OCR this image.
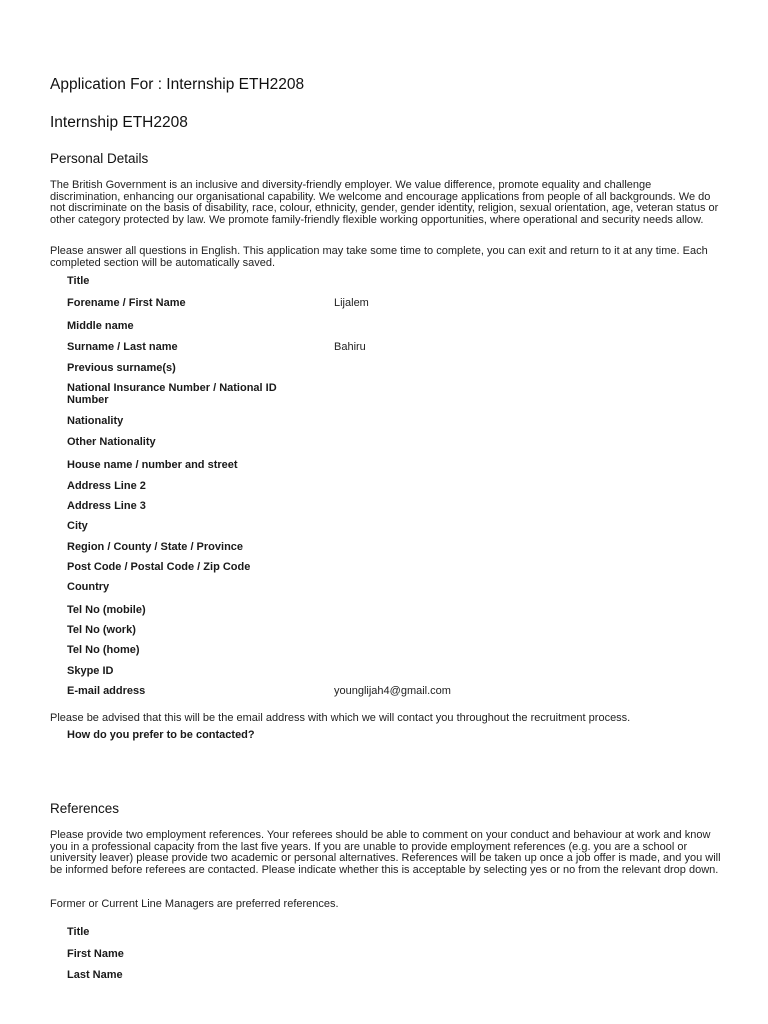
Application For : Internship ETH2208
Internship ETH2208
Personal Details

The British Government is an inclusive and diversity-friendly employer. We value difference, promote equality and challenge discrimination, enhancing our organisational capability. We welcome and encourage applications from people of all backgrounds. We do not discriminate on the basis of disability, race, colour, ethnicity, gender, gender identity, religion, sexual orientation, age, veteran status or other category protected by law. We promote family-friendly flexible working opportunities, where operational and security needs allow.

Please answer all questions in English. This application may take some time to complete, you can exit and return to it at any time. Each completed section will be automatically saved.

Title
Forename / First Name	Lijalem
Middle name
Surname / Last name	Bahiru
Previous surname(s)
National Insurance Number / National ID Number
Nationality
Other Nationality
House name / number and street
Address Line 2
Address Line 3
City
Region / County / State / Province
Post Code / Postal Code / Zip Code
Country
Tel No (mobile)
Tel No (work)
Tel No (home)
Skype ID
E-mail address	younglijah4@gmail.com

Please be advised that this will be the email address with which we will contact you throughout the recruitment process.

How do you prefer to be contacted?
References

Please provide two employment references. Your referees should be able to comment on your conduct and behaviour at work and know you in a professional capacity from the last five years. If you are unable to provide employment references (e.g. you are a school or university leaver) please provide two academic or personal alternatives. References will be taken up once a job offer is made, and you will be informed before referees are contacted. Please indicate whether this is acceptable by selecting yes or no from the relevant drop down.

Former or Current Line Managers are preferred references.

Title
First Name
Last Name
